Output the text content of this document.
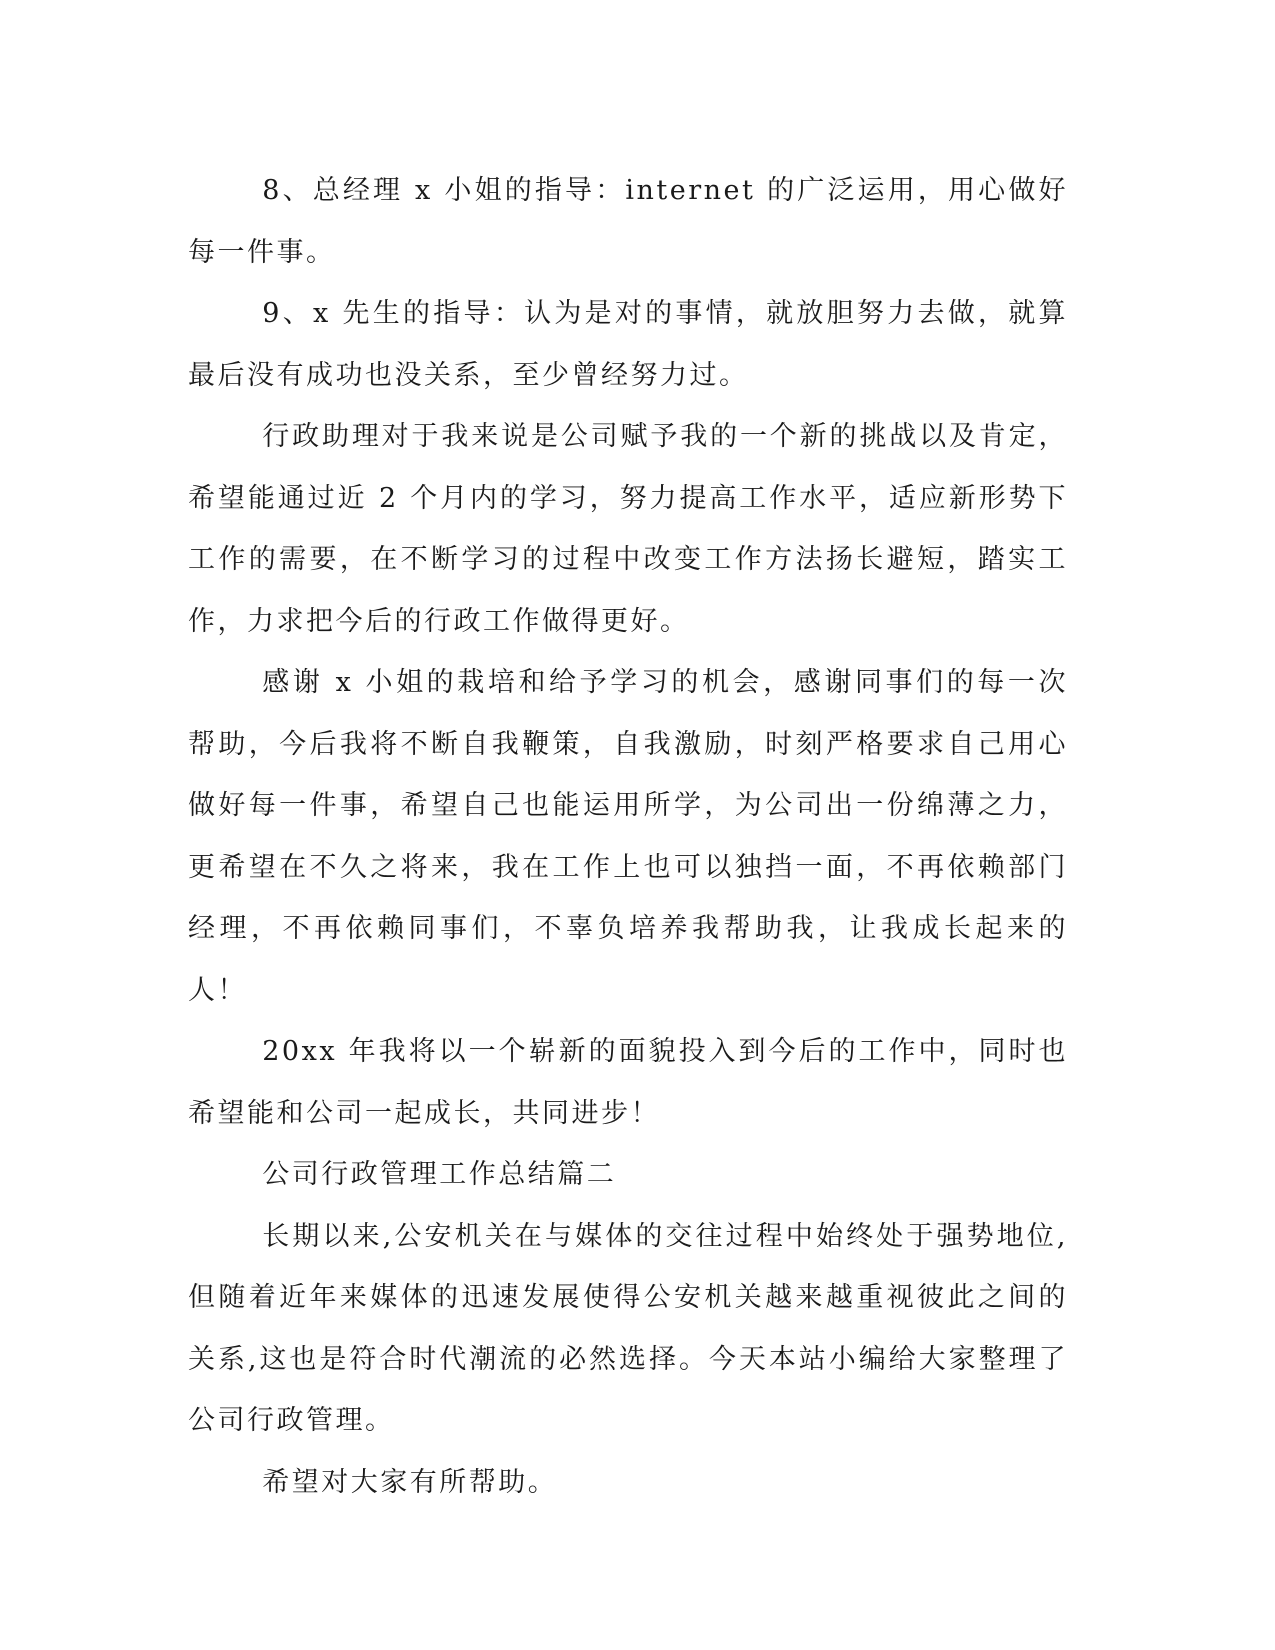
8、总经理 x 小姐的指导：internet 的广泛运用，用心做好每一件事。

9、x 先生的指导：认为是对的事情，就放胆努力去做，就算最后没有成功也没关系，至少曾经努力过。

行政助理对于我来说是公司赋予我的一个新的挑战以及肯定，希望能通过近 2 个月内的学习，努力提高工作水平，适应新形势下工作的需要，在不断学习的过程中改变工作方法扬长避短，踏实工作，力求把今后的行政工作做得更好。

感谢 x 小姐的栽培和给予学习的机会，感谢同事们的每一次帮助，今后我将不断自我鞭策，自我激励，时刻严格要求自己用心做好每一件事，希望自己也能运用所学，为公司出一份绵薄之力，更希望在不久之将来，我在工作上也可以独挡一面，不再依赖部门经理，不再依赖同事们，不辜负培养我帮助我，让我成长起来的人！

20xx 年我将以一个崭新的面貌投入到今后的工作中，同时也希望能和公司一起成长，共同进步！

公司行政管理工作总结篇二

长期以来,公安机关在与媒体的交往过程中始终处于强势地位,但随着近年来媒体的迅速发展使得公安机关越来越重视彼此之间的关系,这也是符合时代潮流的必然选择。今天本站小编给大家整理了公司行政管理。

希望对大家有所帮助。
